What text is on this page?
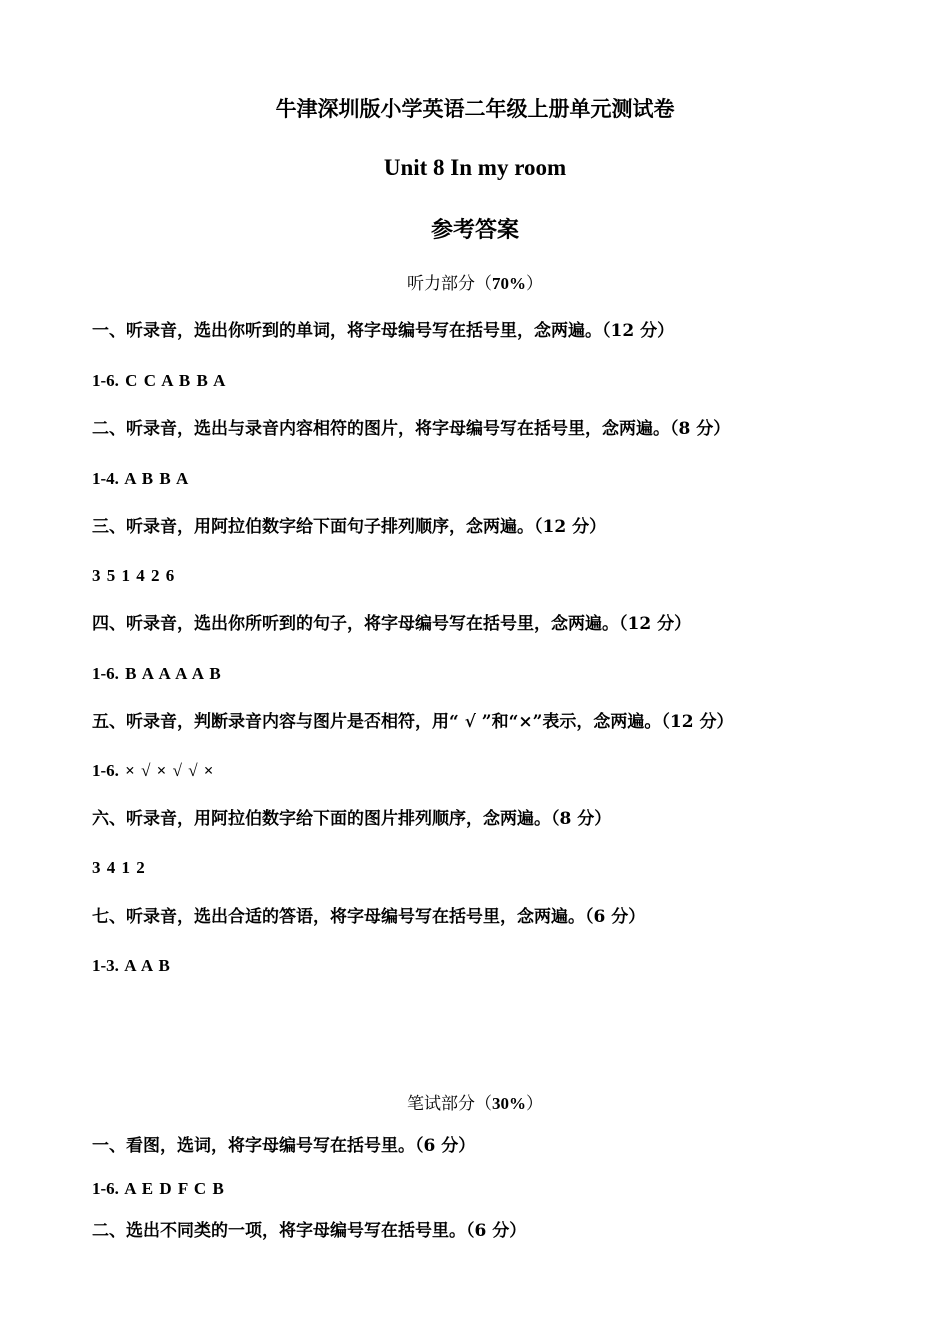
牛津深圳版小学英语二年级上册单元测试卷
Unit 8 In my room
参考答案
听力部分（70%）
一、听录音，选出你听到的单词，将字母编号写在括号里，念两遍。（12 分）
1-6. C C A B B A
二、听录音，选出与录音内容相符的图片，将字母编号写在括号里，念两遍。（8 分）
1-4. A B B A
三、听录音，用阿拉伯数字给下面句子排列顺序，念两遍。（12 分）
3 5 1 4 2 6
四、听录音，选出你所听到的句子，将字母编号写在括号里，念两遍。（12 分）
1-6. B A A A A B
五、听录音，判断录音内容与图片是否相符，用“ √ ”和“×”表示，念两遍。（12 分）
1-6. × √ × √ √ ×
六、听录音，用阿拉伯数字给下面的图片排列顺序，念两遍。（8 分）
3 4 1 2
七、听录音，选出合适的答语，将字母编号写在括号里，念两遍。（6 分）
1-3. A A B
笔试部分（30%）
一、看图，选词，将字母编号写在括号里。（6 分）
1-6. A E D F C B
二、选出不同类的一项，将字母编号写在括号里。（6 分）
